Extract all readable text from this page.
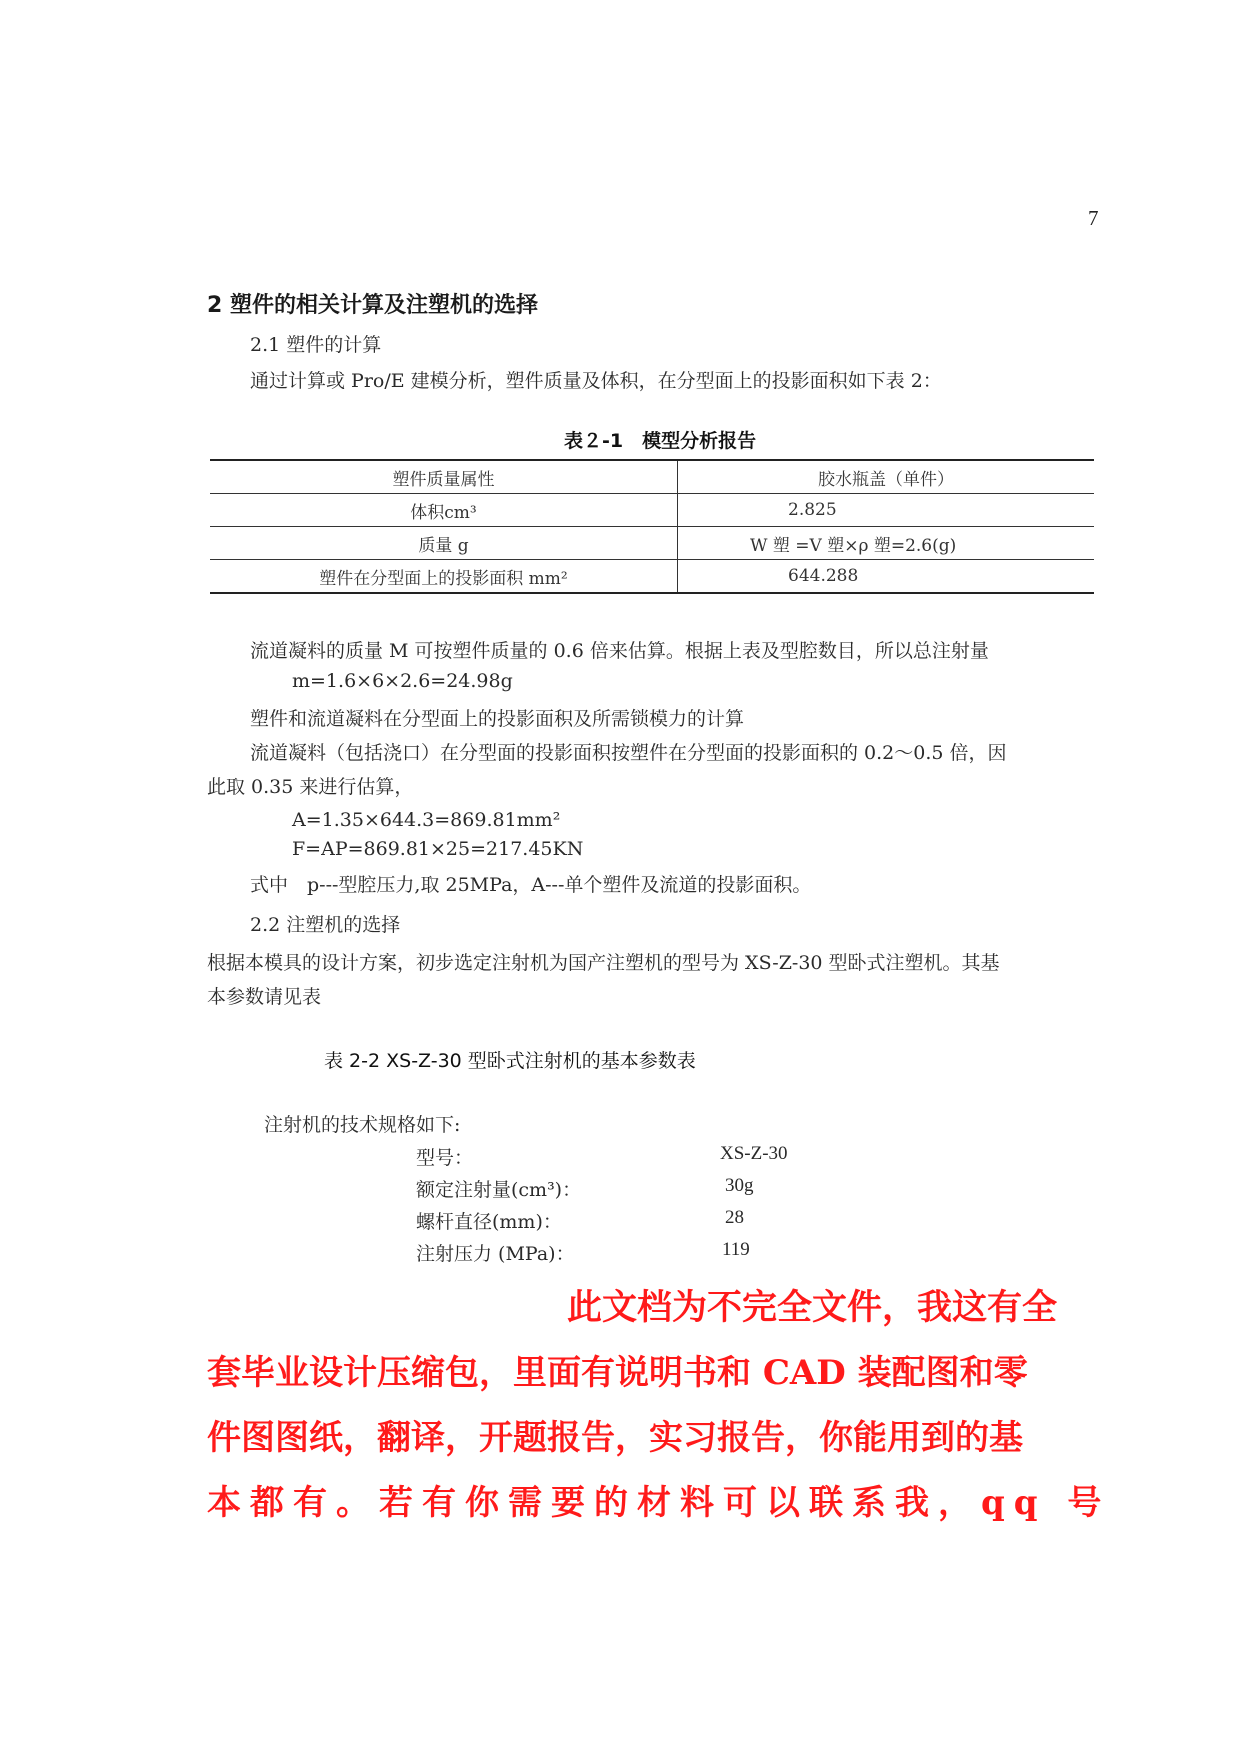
7
2 塑件的相关计算及注塑机的选择
2.1 塑件的计算
通过计算或 Pro/E 建模分析，塑件质量及体积，在分型面上的投影面积如下表 2：
表２-1　模型分析报告
塑件质量属性	胶水瓶盖（单件）
体积cm³	2.825
质量 g	W 塑 =V 塑×ρ 塑=2.6(g)
塑件在分型面上的投影面积 mm²	644.288
流道凝料的质量 M 可按塑件质量的 0.6 倍来估算。根据上表及型腔数目，所以总注射量
m=1.6×6×2.6=24.98g
塑件和流道凝料在分型面上的投影面积及所需锁模力的计算
流道凝料（包括浇口）在分型面的投影面积按塑件在分型面的投影面积的 0.2～0.5 倍，因
此取 0.35 来进行估算，
A=1.35×644.3=869.81mm²
F=AP=869.81×25=217.45KN
式中　p---型腔压力,取 25MPa，A---单个塑件及流道的投影面积。
2.2 注塑机的选择
根据本模具的设计方案，初步选定注射机为国产注塑机的型号为 XS-Z-30 型卧式注塑机。其基
本参数请见表
表 2-2 XS-Z-30 型卧式注射机的基本参数表
注射机的技术规格如下:
型号：	XS-Z-30
额定注射量(cm³)：	30g
螺杆直径(mm)：	28
注射压力 (MPa)：	119
此文档为不完全文件，我这有全
套毕业设计压缩包，里面有说明书和 CAD 装配图和零
件图图纸，翻译，开题报告，实习报告，你能用到的基
本都有。若有你需要的材料可以联系我，qq 号
